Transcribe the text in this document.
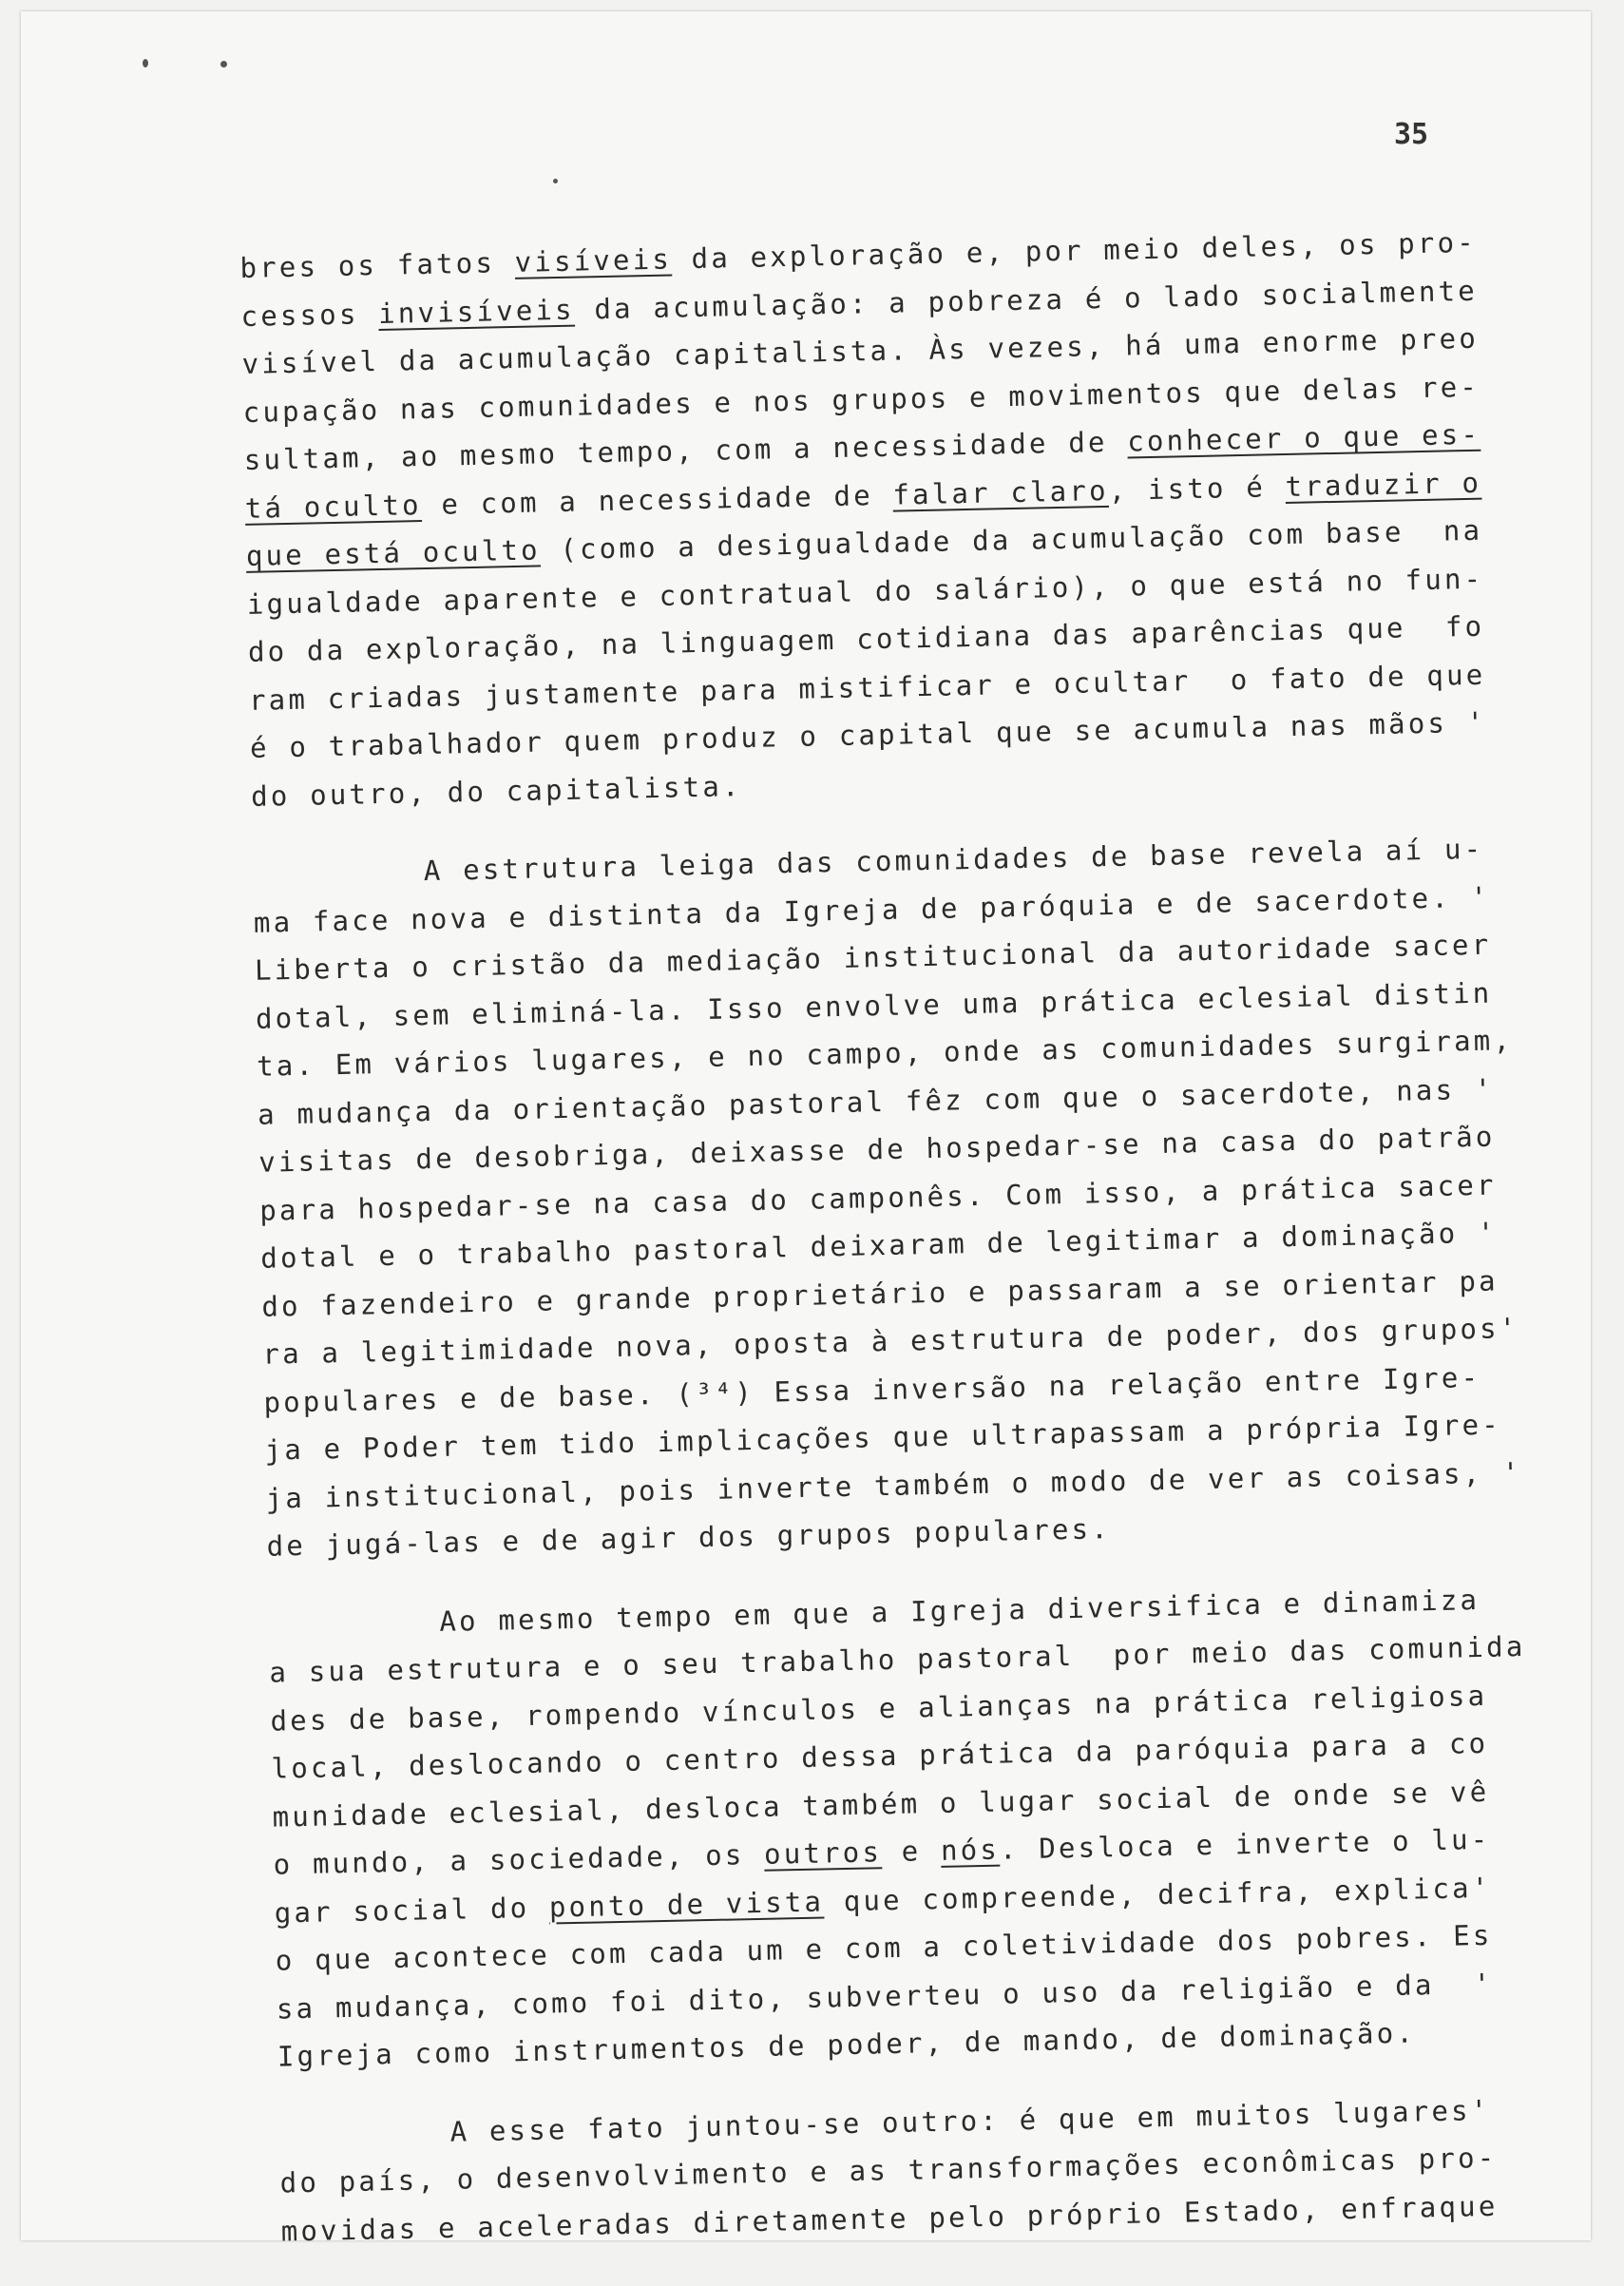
35
bres os fatos visíveis da exploração e, por meio deles, os pro-
cessos invisíveis da acumulação: a pobreza é o lado socialmente
visível da acumulação capitalista. Às vezes, há uma enorme preo
cupação nas comunidades e nos grupos e movimentos que delas re-
sultam, ao mesmo tempo, com a necessidade de conhecer o que es-
tá oculto e com a necessidade de falar claro, isto é traduzir o
que está oculto (como a desigualdade da acumulação com base  na
igualdade aparente e contratual do salário), o que está no fun-
do da exploração, na linguagem cotidiana das aparências que  fo
ram criadas justamente para mistificar e ocultar  o fato de que
é o trabalhador quem produz o capital que se acumula nas mãos '
do outro, do capitalista.
A estrutura leiga das comunidades de base revela aí u-
ma face nova e distinta da Igreja de paróquia e de sacerdote. '
Liberta o cristão da mediação institucional da autoridade sacer
dotal, sem eliminá-la. Isso envolve uma prática eclesial distin
ta. Em vários lugares, e no campo, onde as comunidades surgiram,
a mudança da orientação pastoral fêz com que o sacerdote, nas '
visitas de desobriga, deixasse de hospedar-se na casa do patrão
para hospedar-se na casa do camponês. Com isso, a prática sacer
dotal e o trabalho pastoral deixaram de legitimar a dominação '
do fazendeiro e grande proprietário e passaram a se orientar pa
ra a legitimidade nova, oposta à estrutura de poder, dos grupos'
populares e de base. (³⁴) Essa inversão na relação entre Igre-
ja e Poder tem tido implicações que ultrapassam a própria Igre-
ja institucional, pois inverte também o modo de ver as coisas, '
de jugá-las e de agir dos grupos populares.
Ao mesmo tempo em que a Igreja diversifica e dinamiza
a sua estrutura e o seu trabalho pastoral  por meio das comunida
des de base, rompendo vínculos e alianças na prática religiosa
local, deslocando o centro dessa prática da paróquia para a co
munidade eclesial, desloca também o lugar social de onde se vê
o mundo, a sociedade, os outros e nós. Desloca e inverte o lu-
gar social do ponto de vista que compreende, decifra, explica'
o que acontece com cada um e com a coletividade dos pobres. Es
sa mudança, como foi dito, subverteu o uso da religião e da  '
Igreja como instrumentos de poder, de mando, de dominação.
A esse fato juntou-se outro: é que em muitos lugares'
do país, o desenvolvimento e as transformações econômicas pro-
movidas e aceleradas diretamente pelo próprio Estado, enfraque
